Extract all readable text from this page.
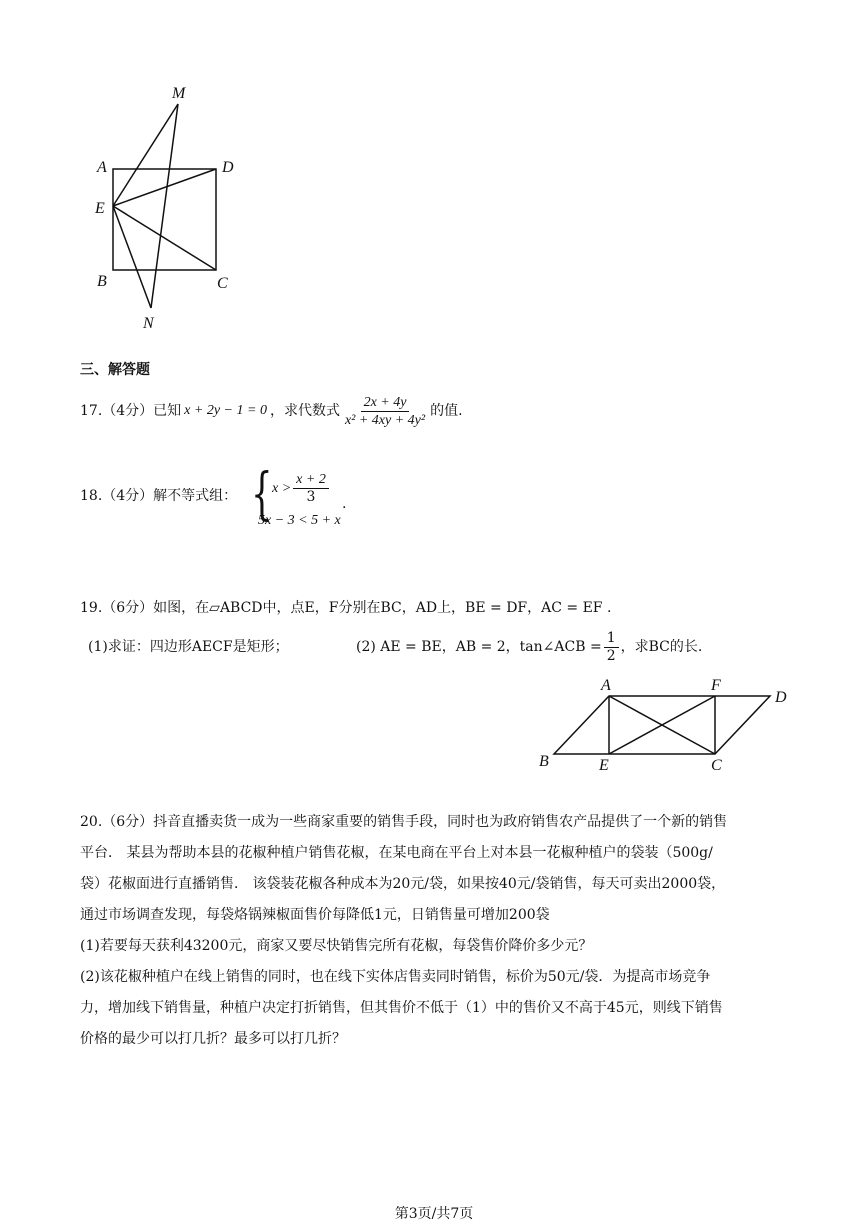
M
A	D
E
B	C
N
三、解答题
17.（4分）已知 x + 2y − 1 = 0 ，求代数式 $\frac{2x + 4y}{\text{x² + 4xy + 4y²}}$ 的值.
18.（4分）解不等式组： { $x > \frac{x + 2}{3}$
5x − 3 < 5 + x
.
19.（6分）如图，在▱ABCD中，点E，F分别在BC，AD上，BE = DF，AC = EF .
(1)求证：四边形AECF是矩形；	(2) AE = BE，AB = 2，tan∠ACB = $\frac{1}{2}$ ，求BC的长.
A	F
D
B	E	C
20.（6分）抖音直播卖货一成为一些商家重要的销售手段，同时也为政府销售农产品提供了一个新的销售
平台． 某县为帮助本县的花椒种植户销售花椒，在某电商在平台上对本县一花椒种植户的袋装（500g/
袋）花椒面进行直播销售． 该袋装花椒各种成本为20元/袋，如果按40元/袋销售，每天可卖出2000袋，
通过市场调查发现，每袋烙锅辣椒面售价每降低1元，日销售量可增加200袋
(1)若要每天获利43200元，商家又要尽快销售完所有花椒，每袋售价降价多少元？
(2)该花椒种植户在线上销售的同时，也在线下实体店售卖同时销售，标价为50元/袋．为提高市场竞争
力，增加线下销售量，种植户决定打折销售，但其售价不低于（1）中的售价又不高于45元，则线下销售
价格的最少可以打几折？最多可以打几折？
第3页/共7页
